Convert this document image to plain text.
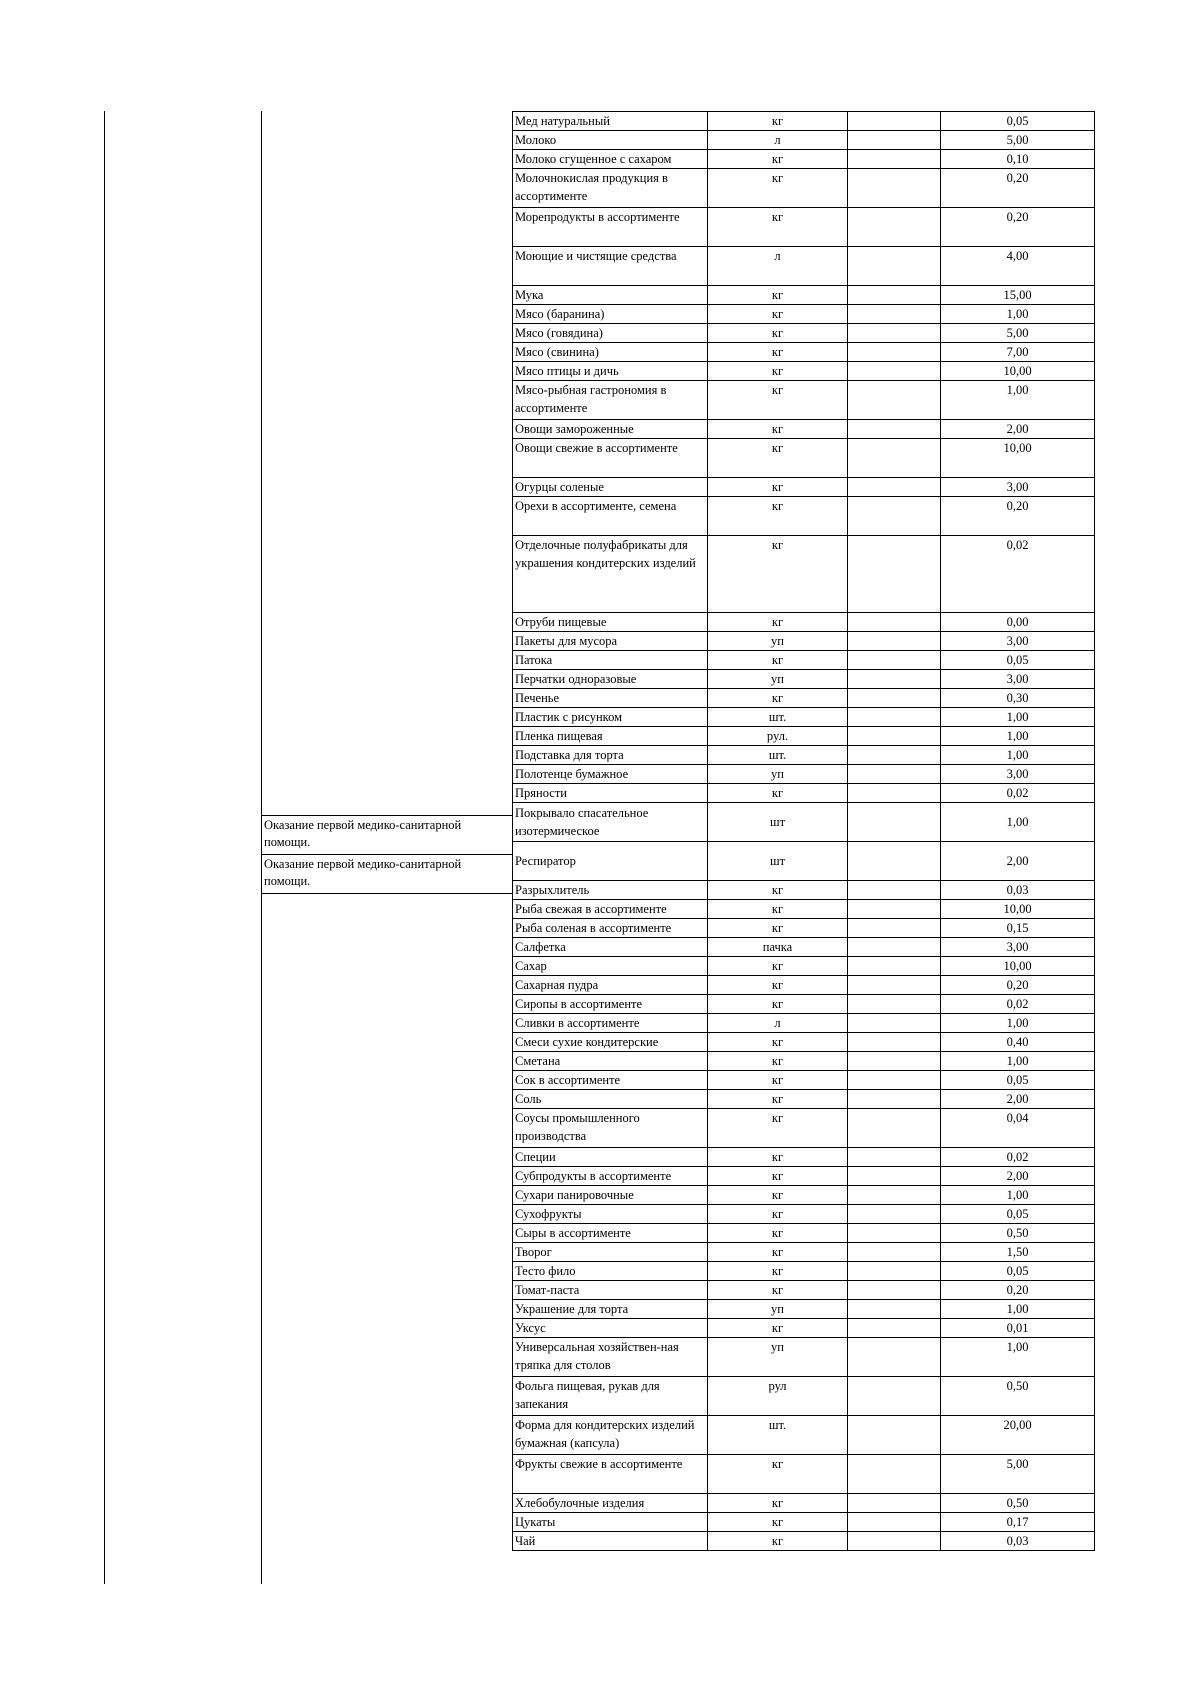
Оказание первой медико-санитарной помощи.
Оказание первой медико-санитарной помощи.
Мед натуральный	кг		0,05
Молоко	л		5,00
Молоко сгущенное с сахаром	кг		0,10
Молочнокислая продукция в ассортименте	кг		0,20
Морепродукты в ассортименте	кг		0,20
Моющие и чистящие средства	л		4,00
Мука	кг		15,00
Мясо (баранина)	кг		1,00
Мясо (говядина)	кг		5,00
Мясо (свинина)	кг		7,00
Мясо птицы и дичь	кг		10,00
Мясо-рыбная гастрономия в ассортименте	кг		1,00
Овощи замороженные	кг		2,00
Овощи свежие в ассортименте	кг		10,00
Огурцы соленые	кг		3,00
Орехи в ассортименте, семена	кг		0,20
Отделочные полуфабрикаты для украшения кондитерских изделий	кг		0,02
Отруби пищевые	кг		0,00
Пакеты для мусора	уп		3,00
Патока	кг		0,05
Перчатки одноразовые	уп		3,00
Печенье	кг		0,30
Пластик с рисунком	шт.		1,00
Пленка пищевая	рул.		1,00
Подставка для торта	шт.		1,00
Полотенце бумажное	уп		3,00
Пряности	кг		0,02
Покрывало спасательное изотермическое	шт		1,00
Респиратор	шт		2,00
Разрыхлитель	кг		0,03
Рыба свежая в ассортименте	кг		10,00
Рыба соленая в ассортименте	кг		0,15
Салфетка	пачка		3,00
Сахар	кг		10,00
Сахарная пудра	кг		0,20
Сиропы в ассортименте	кг		0,02
Сливки в ассортименте	л		1,00
Смеси сухие кондитерские	кг		0,40
Сметана	кг		1,00
Сок в ассортименте	кг		0,05
Соль	кг		2,00
Соусы промышленного производства	кг		0,04
Специи	кг		0,02
Субпродукты в ассортименте	кг		2,00
Сухари панировочные	кг		1,00
Сухофрукты	кг		0,05
Сыры в ассортименте	кг		0,50
Творог	кг		1,50
Тесто фило	кг		0,05
Томат-паста	кг		0,20
Украшение для торта	уп		1,00
Уксус	кг		0,01
Универсальная хозяйствен-ная тряпка для столов	уп		1,00
Фольга пищевая, рукав для запекания	рул		0,50
Форма для кондитерских изделий бумажная (капсула)	шт.		20,00
Фрукты свежие в ассортименте	кг		5,00
Хлебобулочные изделия	кг		0,50
Цукаты	кг		0,17
Чай	кг		0,03
